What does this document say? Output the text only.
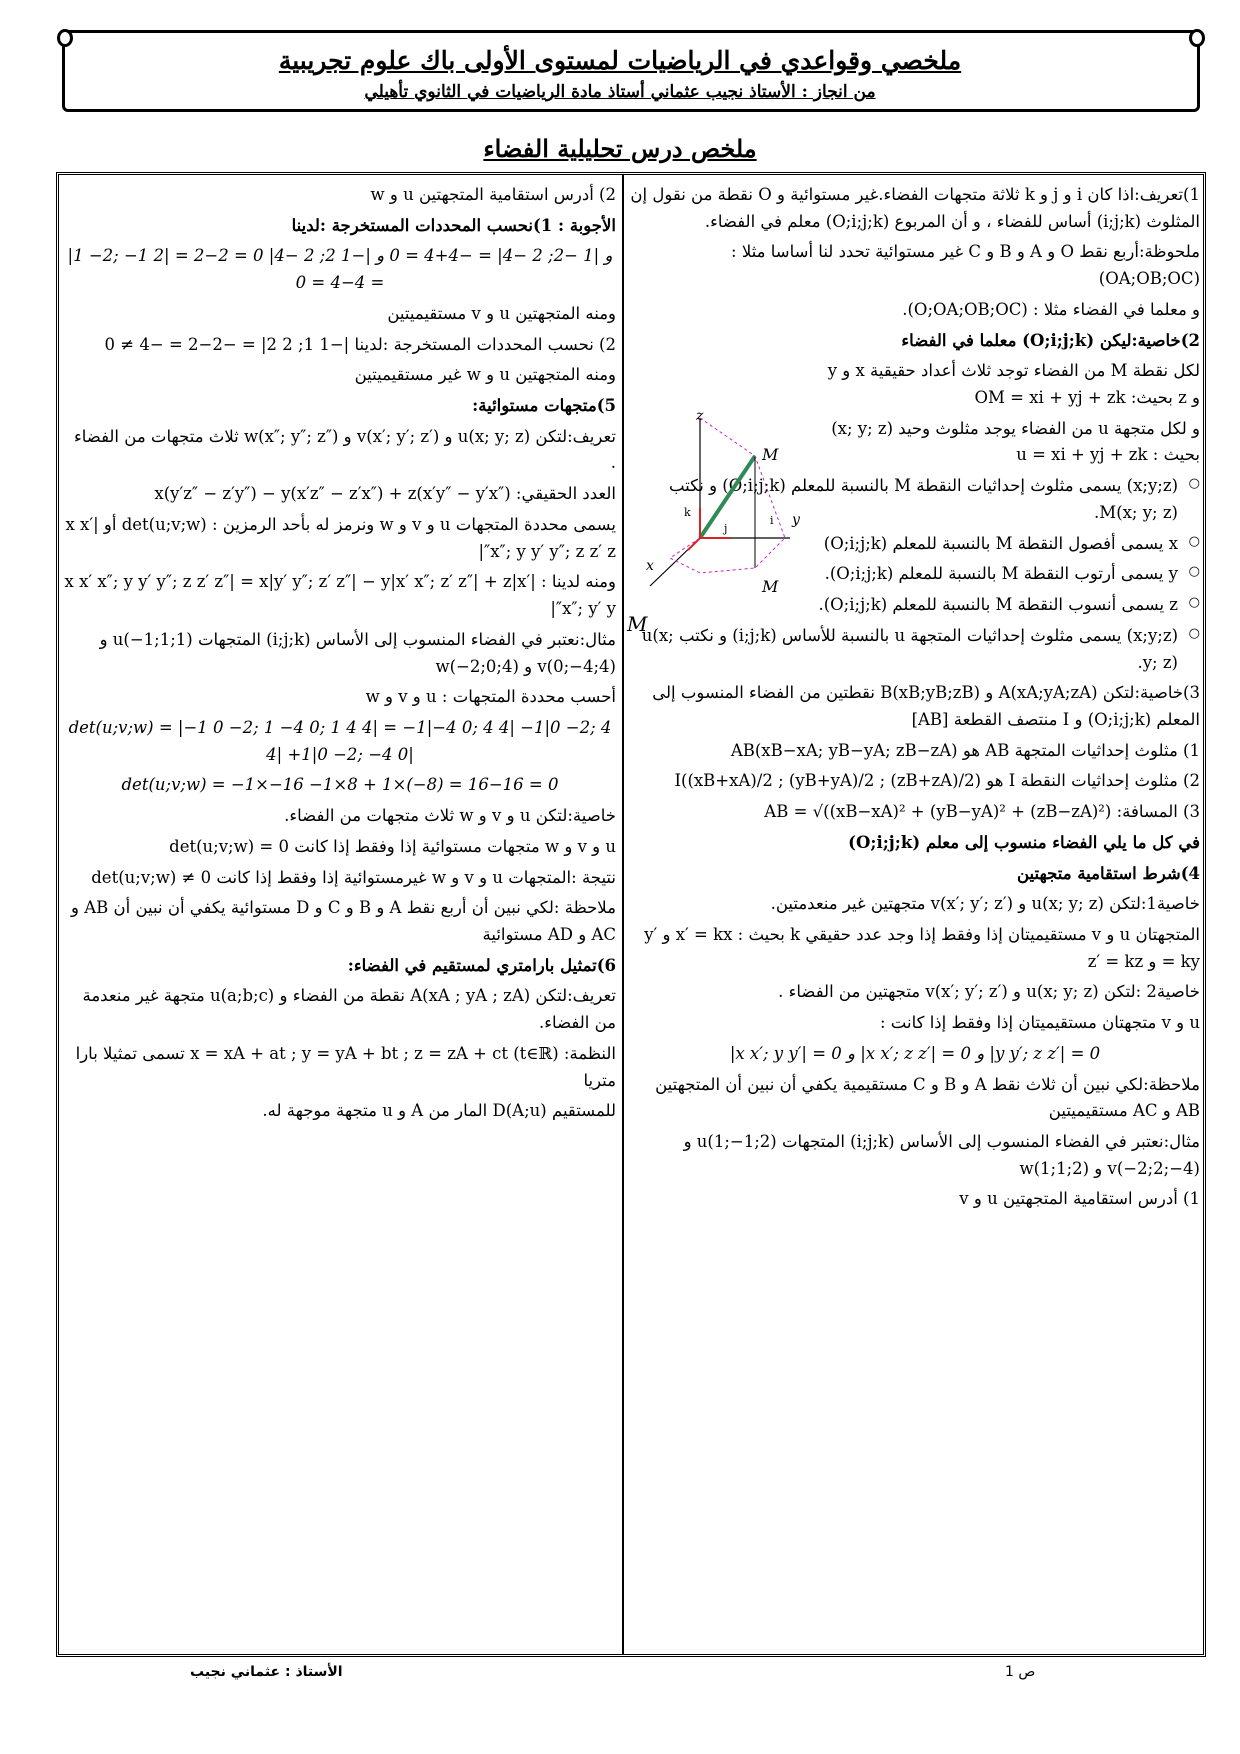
ملخصي وقواعدي في الرياضيات لمستوى الأولى باك علوم تجريبية
من انجاز : الأستاذ نجيب عثماني أستاذ مادة الرياضيات في الثانوي تأهيلي
ملخص درس تحليلية الفضاء

1)تعريف:اذا كان i و j و k ثلاثة متجهات الفضاء.غير مستوائية و O نقطة من نقول إن المثلوث (i;j;k) أساس للفضاء ، و أن المربوع (O;i;j;k) معلم في الفضاء.

ملحوظة:أربع نقط O و A و B و C غير مستوائية تحدد لنا أساسا مثلا : (OA;OB;OC)

و معلما في الفضاء مثلا : (O;OA;OB;OC).

2)خاصية:ليكن (O;i;j;k) معلما في الفضاء

لكل نقطة M من الفضاء توجد ثلاث أعداد حقيقية x و y و z بحيث: OM = xi + yj + zk

و لكل متجهة u من الفضاء يوجد مثلوث وحيد (x; y; z) بحيث : u = xi + yj + zk

○ (x;y;z) يسمى مثلوث إحداثيات النقطة M بالنسبة للمعلم (O;i;j;k) و نكتب M(x; y; z).

○ x يسمى أفصول النقطة M بالنسبة للمعلم (O;i;j;k)

○ y يسمى أرتوب النقطة M بالنسبة للمعلم (O;i;j;k).

○ z يسمى أنسوب النقطة M بالنسبة للمعلم (O;i;j;k).

○ (x;y;z) يسمى مثلوث إحداثيات المتجهة u بالنسبة للأساس (i;j;k) و نكتب u(x; y; z).

3)خاصية:لتكن A(xA;yA;zA) و B(xB;yB;zB) نقطتين من الفضاء المنسوب إلى المعلم (O;i;j;k) و I منتصف القطعة [AB]

1) مثلوث إحداثيات المتجهة AB هو AB(xB−xA; yB−yA; zB−zA)

2) مثلوث إحداثيات النقطة I هو I((xB+xA)/2 ; (yB+yA)/2 ; (zB+zA)/2)

3) المسافة: AB = √((xB−xA)² + (yB−yA)² + (zB−zA)²)

في كل ما يلي الفضاء منسوب إلى معلم (O;i;j;k)

4)شرط استقامية متجهتين

خاصية1:لتكن u(x; y; z) و v(x′; y′; z′) متجهتين غير منعدمتين.

المتجهتان u و v مستقيميتان إذا وفقط إذا وجد عدد حقيقي k بحيث : x′ = kx و y′ = ky و z′ = kz

خاصية2 :لتكن u(x; y; z) و v(x′; y′; z′) متجهتين من الفضاء .

u و v متجهتان مستقيميتان إذا وفقط إذا كانت :

|x x′; y y′| = 0 و |x x′; z z′| = 0 و |y y′; z z′| = 0

ملاحظة:لكي نبين أن ثلاث نقط A و B و C مستقيمية يكفي أن نبين أن المتجهتين AB و AC مستقيميتين

مثال:نعتبر في الفضاء المنسوب إلى الأساس (i;j;k) المتجهات u(1;−1;2) و v(−2;2;−4) و w(1;1;2)

1) أدرس استقامية المتجهتين u و v

z
M
k
j
i y
x
M

2) أدرس استقامية المتجهتين u و w

الأجوبة : 1)نحسب المحددات المستخرجة :لدينا

|1 −2; −1 2| = 2−2 = 0 و |1 −2; 2 −4| = −4+4 = 0 و |−1 2; 2 −4| = 4−4 = 0

ومنه المتجهتين u و v مستقيميتين

2) نحسب المحددات المستخرجة :لدينا |−1 1; 2 2| = −2−2 = −4 ≠ 0

ومنه المتجهتين u و w غير مستقيميتين

5)متجهات مستوائية:

تعريف:لتكن u(x; y; z) و v(x′; y′; z′) و w(x″; y″; z″) ثلاث متجهات من الفضاء .

العدد الحقيقي: x(y′z″ − z′y″) − y(x′z″ − z′x″) + z(x′y″ − y′x″)

يسمى محددة المتجهات u و v و w ونرمز له بأحد الرمزين : det(u;v;w) أو |x x′ x″; y y′ y″; z z′ z″|

ومنه لدينا : |x x′ x″; y y′ y″; z z′ z″| = x|y′ y″; z′ z″| − y|x′ x″; z′ z″| + z|x′ x″; y′ y″|

مثال:نعتبر في الفضاء المنسوب إلى الأساس (i;j;k) المتجهات u(−1;1;1) و v(0;−4;4) و w(−2;0;4)

أحسب محددة المتجهات : u و v و w

det(u;v;w) = |−1 0 −2; 1 −4 0; 1 4 4| = −1|−4 0; 4 4| −1|0 −2; 4 4| +1|0 −2; −4 0|

det(u;v;w) = −1×−16 −1×8 + 1×(−8) = 16−16 = 0

خاصية:لتكن u و v و w ثلاث متجهات من الفضاء.

u و v و w متجهات مستوائية إذا وفقط إذا كانت det(u;v;w) = 0

نتيجة :المتجهات u و v و w غيرمستوائية إذا وفقط إذا كانت det(u;v;w) ≠ 0

ملاحظة :لكي نبين أن أربع نقط A و B و C و D مستوائية يكفي أن نبين أن AB و AC و AD مستوائية

6)تمثيل بارامتري لمستقيم في الفضاء:

تعريف:لتكن A(xA ; yA ; zA) نقطة من الفضاء و u(a;b;c) متجهة غير منعدمة من الفضاء.

النظمة: x = xA + at ; y = yA + bt ; z = zA + ct (t∈ℝ) تسمى تمثيلا بارا متريا

للمستقيم D(A;u) المار من A و u متجهة موجهة له.

M
الأستاذ : عثماني نجيب	ص 1
